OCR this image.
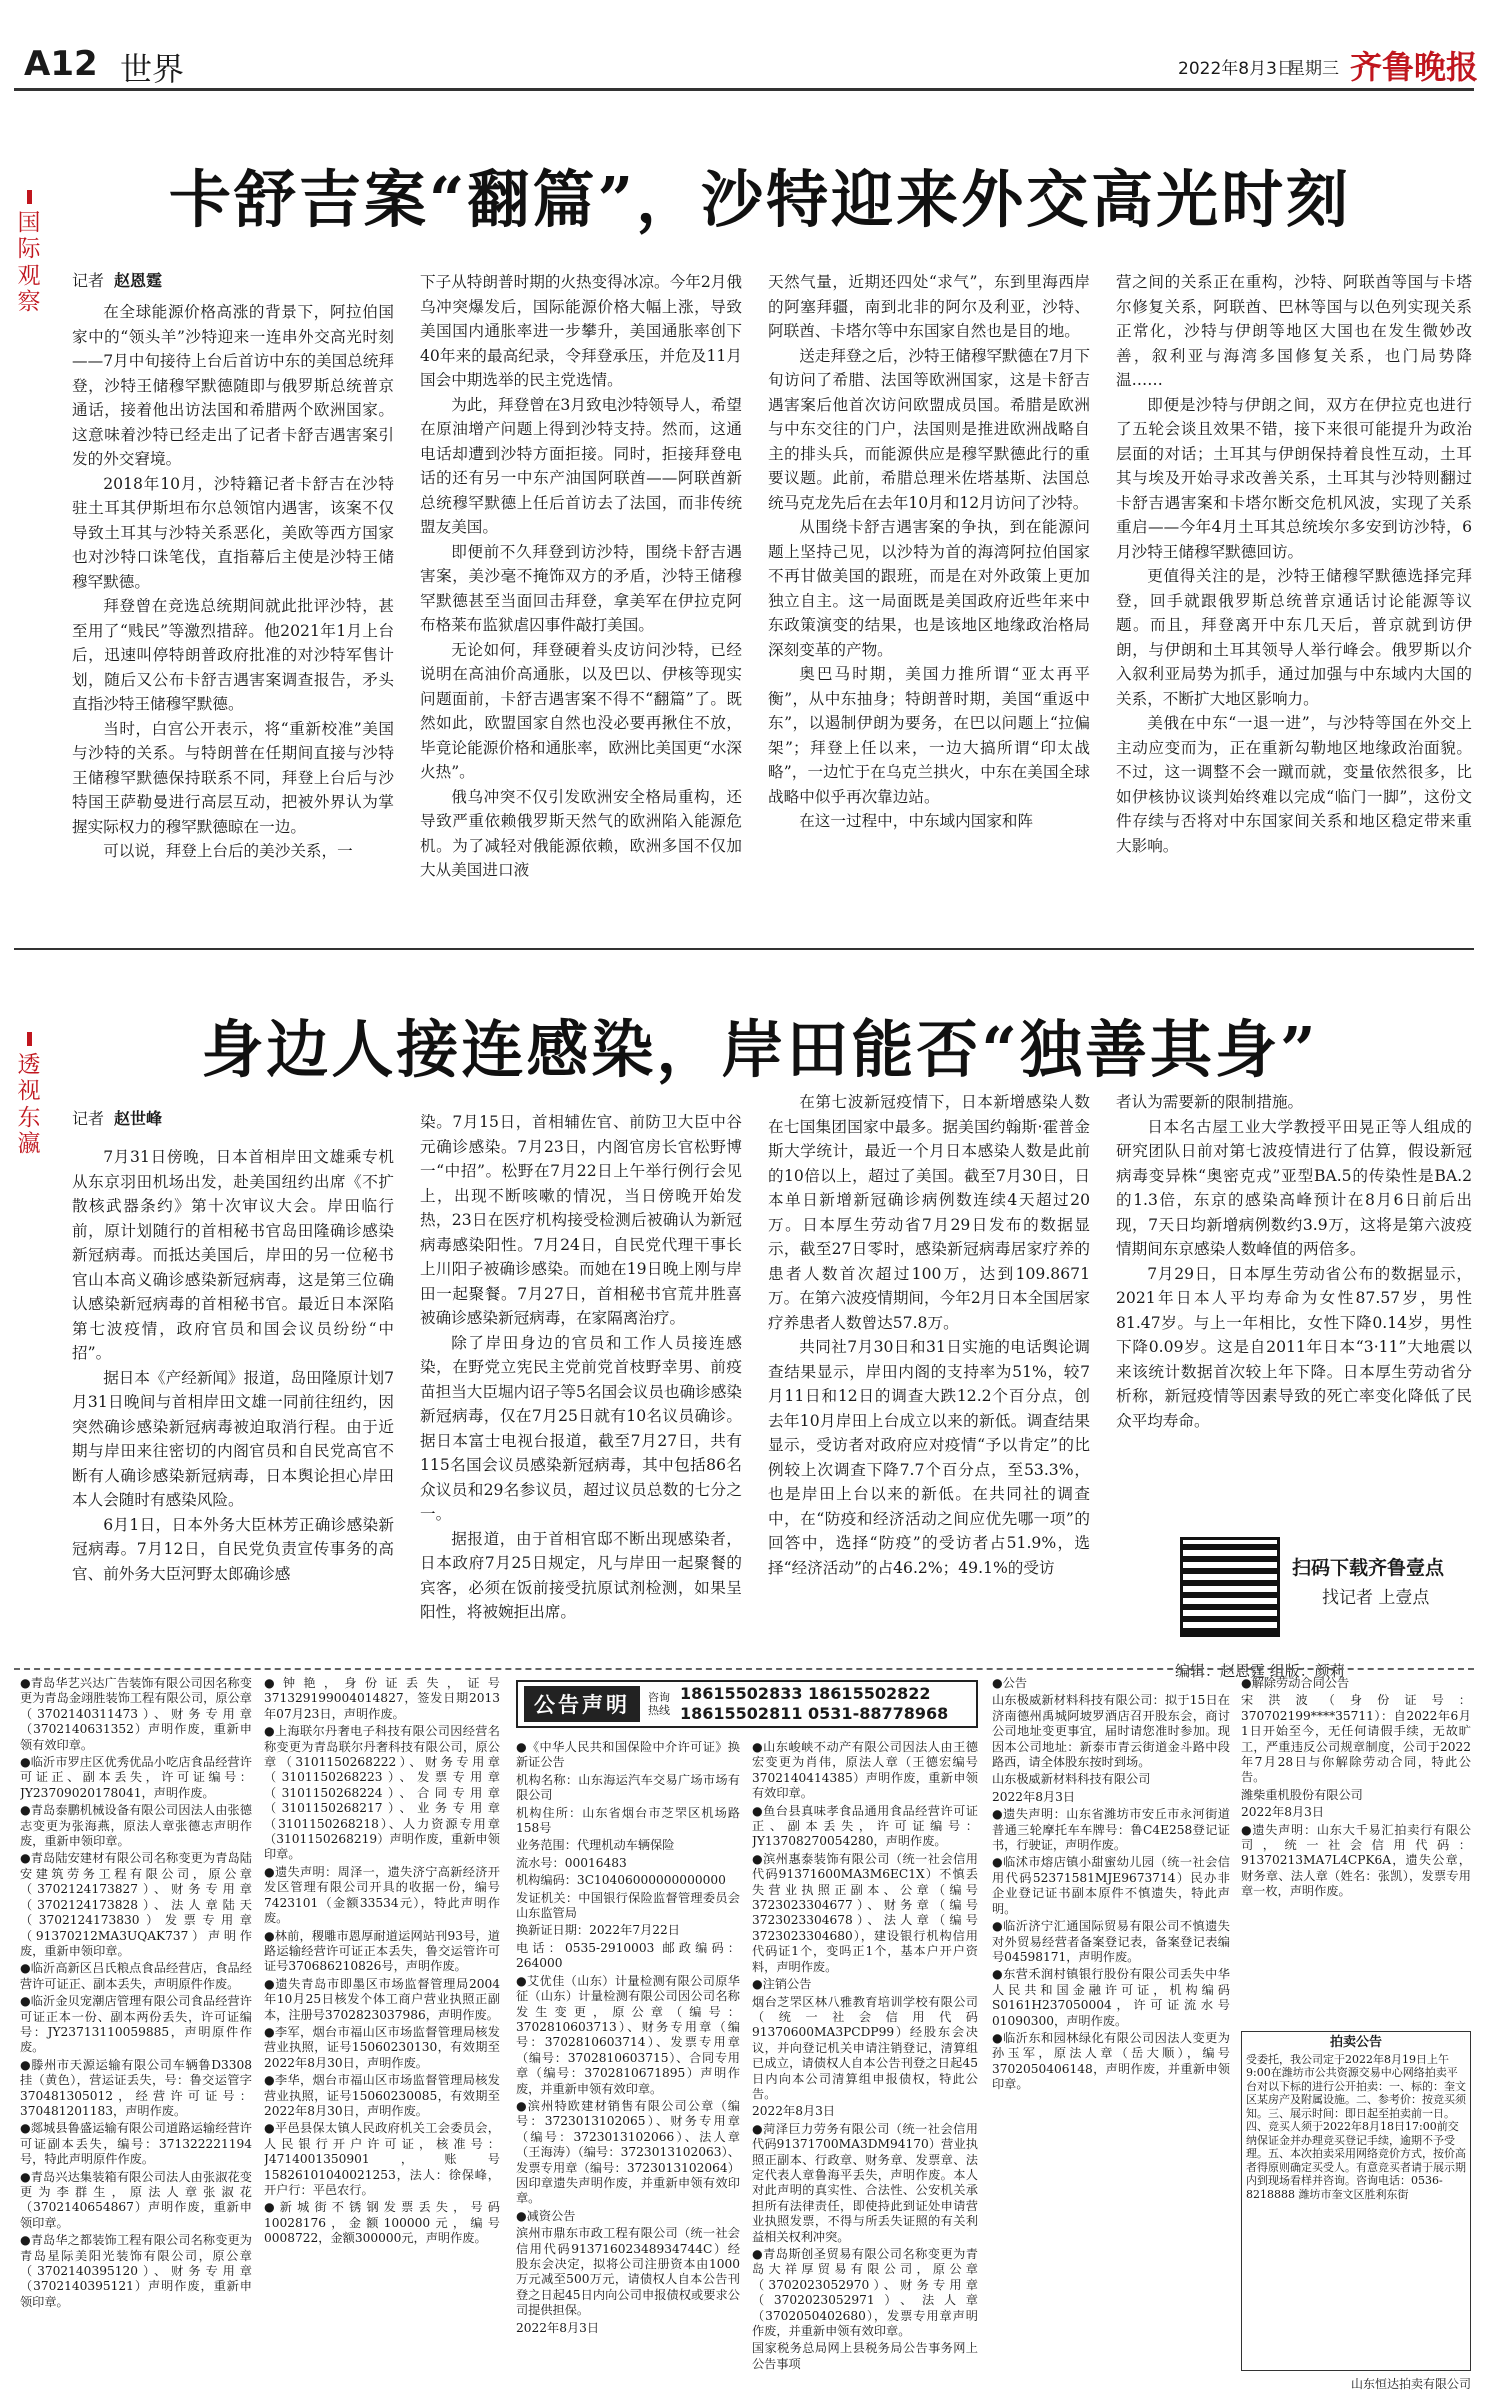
A12 世界	2022年8月3日
星期三 齐鲁晚报
国际观察
卡舒吉案“翻篇”，沙特迎来外交高光时刻
记者 赵恩霆

在全球能源价格高涨的背景下，阿拉伯国家中的“领头羊”沙特迎来一连串外交高光时刻——7月中旬接待上台后首访中东的美国总统拜登，沙特王储穆罕默德随即与俄罗斯总统普京通话，接着他出访法国和希腊两个欧洲国家。这意味着沙特已经走出了记者卡舒吉遇害案引发的外交窘境。

2018年10月，沙特籍记者卡舒吉在沙特驻土耳其伊斯坦布尔总领馆内遇害，该案不仅导致土耳其与沙特关系恶化，美欧等西方国家也对沙特口诛笔伐，直指幕后主使是沙特王储穆罕默德。

拜登曾在竞选总统期间就此批评沙特，甚至用了“贱民”等激烈措辞。他2021年1月上台后，迅速叫停特朗普政府批准的对沙特军售计划，随后又公布卡舒吉遇害案调查报告，矛头直指沙特王储穆罕默德。

当时，白宫公开表示，将“重新校准”美国与沙特的关系。与特朗普在任期间直接与沙特王储穆罕默德保持联系不同，拜登上台后与沙特国王萨勒曼进行高层互动，把被外界认为掌握实际权力的穆罕默德晾在一边。

可以说，拜登上台后的美沙关系，一

下子从特朗普时期的火热变得冰凉。今年2月俄乌冲突爆发后，国际能源价格大幅上涨，导致美国国内通胀率进一步攀升，美国通胀率创下40年来的最高纪录，令拜登承压，并危及11月国会中期选举的民主党选情。

为此，拜登曾在3月致电沙特领导人，希望在原油增产问题上得到沙特支持。然而，这通电话却遭到沙特方面拒接。同时，拒接拜登电话的还有另一中东产油国阿联酋——阿联酋新总统穆罕默德上任后首访去了法国，而非传统盟友美国。

即便前不久拜登到访沙特，围绕卡舒吉遇害案，美沙毫不掩饰双方的矛盾，沙特王储穆罕默德甚至当面回击拜登，拿美军在伊拉克阿布格莱布监狱虐囚事件敲打美国。

无论如何，拜登硬着头皮访问沙特，已经说明在高油价高通胀，以及巴以、伊核等现实问题面前，卡舒吉遇害案不得不“翻篇”了。既然如此，欧盟国家自然也没必要再揪住不放，毕竟论能源价格和通胀率，欧洲比美国更“水深火热”。

俄乌冲突不仅引发欧洲安全格局重构，还导致严重依赖俄罗斯天然气的欧洲陷入能源危机。为了减轻对俄能源依赖，欧洲多国不仅加大从美国进口液

天然气量，近期还四处“求气”，东到里海西岸的阿塞拜疆，南到北非的阿尔及利亚，沙特、阿联酋、卡塔尔等中东国家自然也是目的地。

送走拜登之后，沙特王储穆罕默德在7月下旬访问了希腊、法国等欧洲国家，这是卡舒吉遇害案后他首次访问欧盟成员国。希腊是欧洲与中东交往的门户，法国则是推进欧洲战略自主的排头兵，而能源供应是穆罕默德此行的重要议题。此前，希腊总理米佐塔基斯、法国总统马克龙先后在去年10月和12月访问了沙特。

从围绕卡舒吉遇害案的争执，到在能源问题上坚持己见，以沙特为首的海湾阿拉伯国家不再甘做美国的跟班，而是在对外政策上更加独立自主。这一局面既是美国政府近些年来中东政策演变的结果，也是该地区地缘政治格局深刻变革的产物。

奥巴马时期，美国力推所谓“亚太再平衡”，从中东抽身；特朗普时期，美国“重返中东”，以遏制伊朗为要务，在巴以问题上“拉偏架”；拜登上任以来，一边大搞所谓“印太战略”，一边忙于在乌克兰拱火，中东在美国全球战略中似乎再次靠边站。

在这一过程中，中东域内国家和阵

营之间的关系正在重构，沙特、阿联酋等国与卡塔尔修复关系，阿联酋、巴林等国与以色列实现关系正常化，沙特与伊朗等地区大国也在发生微妙改善，叙利亚与海湾多国修复关系，也门局势降温……

即便是沙特与伊朗之间，双方在伊拉克也进行了五轮会谈且效果不错，接下来很可能提升为政治层面的对话；土耳其与伊朗保持着良性互动，土耳其与埃及开始寻求改善关系，土耳其与沙特则翻过卡舒吉遇害案和卡塔尔断交危机风波，实现了关系重启——今年4月土耳其总统埃尔多安到访沙特，6月沙特王储穆罕默德回访。

更值得关注的是，沙特王储穆罕默德选择完拜登，回手就跟俄罗斯总统普京通话讨论能源等议题。而且，拜登离开中东几天后，普京就到访伊朗，与伊朗和土耳其领导人举行峰会。俄罗斯以介入叙利亚局势为抓手，通过加强与中东域内大国的关系，不断扩大地区影响力。

美俄在中东“一退一进”，与沙特等国在外交上主动应变而为，正在重新勾勒地区地缘政治面貌。不过，这一调整不会一蹴而就，变量依然很多，比如伊核协议谈判始终难以完成“临门一脚”，这份文件存续与否将对中东国家间关系和地区稳定带来重大影响。

透视东瀛
身边人接连感染，岸田能否“独善其身”
记者 赵世峰

7月31日傍晚，日本首相岸田文雄乘专机从东京羽田机场出发，赴美国纽约出席《不扩散核武器条约》第十次审议大会。岸田临行前，原计划随行的首相秘书官岛田隆确诊感染新冠病毒。而抵达美国后，岸田的另一位秘书官山本高义确诊感染新冠病毒，这是第三位确认感染新冠病毒的首相秘书官。最近日本深陷第七波疫情，政府官员和国会议员纷纷“中招”。

据日本《产经新闻》报道，岛田隆原计划7月31日晚间与首相岸田文雄一同前往纽约，因突然确诊感染新冠病毒被迫取消行程。由于近期与岸田来往密切的内阁官员和自民党高官不断有人确诊感染新冠病毒，日本舆论担心岸田本人会随时有感染风险。

6月1日，日本外务大臣林芳正确诊感染新冠病毒。7月12日，自民党负责宣传事务的高官、前外务大臣河野太郎确诊感

染。7月15日，首相辅佐官、前防卫大臣中谷元确诊感染。7月23日，内阁官房长官松野博一“中招”。松野在7月22日上午举行例行会见上，出现不断咳嗽的情况，当日傍晚开始发热，23日在医疗机构接受检测后被确认为新冠病毒感染阳性。7月24日，自民党代理干事长上川阳子被确诊感染。而她在19日晚上刚与岸田一起聚餐。7月27日，首相秘书官荒井胜喜被确诊感染新冠病毒，在家隔离治疗。

除了岸田身边的官员和工作人员接连感染，在野党立宪民主党前党首枝野幸男、前疫苗担当大臣堀内诏子等5名国会议员也确诊感染新冠病毒，仅在7月25日就有10名议员确诊。据日本富士电视台报道，截至7月27日，共有115名国会议员感染新冠病毒，其中包括86名众议员和29名参议员，超过议员总数的七分之一。

据报道，由于首相官邸不断出现感染者，日本政府7月25日规定，凡与岸田一起聚餐的宾客，必须在饭前接受抗原试剂检测，如果呈阳性，将被婉拒出席。

在第七波新冠疫情下，日本新增感染人数在七国集团国家中最多。据美国约翰斯·霍普金斯大学统计，最近一个月日本感染人数是此前的10倍以上，超过了美国。截至7月30日，日本单日新增新冠确诊病例数连续4天超过20万。日本厚生劳动省7月29日发布的数据显示，截至27日零时，感染新冠病毒居家疗养的患者人数首次超过100万，达到109.8671万。在第六波疫情期间，今年2月日本全国居家疗养患者人数曾达57.8万。

共同社7月30日和31日实施的电话舆论调查结果显示，岸田内阁的支持率为51%，较7月11日和12日的调查大跌12.2个百分点，创去年10月岸田上台成立以来的新低。调查结果显示，受访者对政府应对疫情“予以肯定”的比例较上次调查下降7.7个百分点，至53.3%，也是岸田上台以来的新低。在共同社的调查中，在“防疫和经济活动之间应优先哪一项”的回答中，选择“防疫”的受访者占51.9%，选择“经济活动”的占46.2%；49.1%的受访

者认为需要新的限制措施。

日本名古屋工业大学教授平田晃正等人组成的研究团队日前对第七波疫情进行了估算，假设新冠病毒变异株“奥密克戎”亚型BA.5的传染性是BA.2的1.3倍，东京的感染高峰预计在8月6日前后出现，7天日均新增病例数约3.9万，这将是第六波疫情期间东京感染人数峰值的两倍多。

7月29日，日本厚生劳动省公布的数据显示，2021年日本人平均寿命为女性87.57岁，男性81.47岁。与上一年相比，女性下降0.14岁，男性下降0.09岁。这是自2011年日本“3·11”大地震以来该统计数据首次较上年下降。日本厚生劳动省分析称，新冠疫情等因素导致的死亡率变化降低了民众平均寿命。

扫码下载齐鲁壹点
找记者 上壹点
编辑：赵恩霆 组版：颜莉
公告声明	咨询热线
18615502833 18615502822
18615502811 0531-88778968
●青岛华艺兴达广告装饰有限公司因名称变更为青岛金翊胜装饰工程有限公司，原公章（3702140311473）、财务专用章（3702140631352）声明作废，重新申领有效印章。
●临沂市罗庄区优秀优品小吃店食品经营许可证正、副本丢失，许可证编号：JY23709020178041，声明作废。
●青岛泰鹏机械设备有限公司因法人由张德志变更为张海燕，原法人章张德志声明作废，重新申领印章。
●青岛陆安建材有限公司名称变更为青岛陆安建筑劳务工程有限公司，原公章（3702124173827）、财务专用章（3702124173828）、法人章陆天（3702124173830）发票专用章（91370212MA3UQAK737）声明作废，重新申领印章。
●临沂高新区吕氏粮点食品经营店，食品经营许可证正、副本丢失，声明原件作废。
●临沂金贝宠潮店管理有限公司食品经营许可证正本一份、副本两份丢失，许可证编号：JY23713110059885，声明原件作废。
●滕州市天源运输有限公司车辆鲁D3308挂（黄色），营运证丢失，号：鲁交运管字370481305012，经营许可证号：370481201183，声明作废。
●郯城县鲁盛运输有限公司道路运输经营许可证副本丢失，编号：371322221194号，特此声明原件作废。
●青岛兴达集装箱有限公司法人由张淑花变更为李群生，原法人章张淑花（3702140654867）声明作废，重新申领印章。
●青岛华之都装饰工程有限公司名称变更为青岛星际美阳光装饰有限公司，原公章（3702140395120）、财务专用章（3702140395121）声明作废，重新申领印章。
●钟艳，身份证丢失，证号371329199004014827，签发日期2013年07月23日，声明作废。
●上海联尔丹奢电子科技有限公司因经营名称变更为青岛联尔丹奢科技有限公司，原公章（3101150268222）、财务专用章（3101150268223）、发票专用章（3101150268224）、合同专用章（3101150268217）、业务专用章（3101150268218）、人力资源专用章（3101150268219）声明作废，重新申领印章。
●遗失声明：周泽一，遗失济宁高新经济开发区管理有限公司开具的收据一份，编号7423101（金额33534元），特此声明作废。
●林前，稷雕市恩厚耐道运网站刊93号，道路运输经营许可证正本丢失，鲁交运管许可证号370686210826号，声明作废。
●遗失青岛市即墨区市场监督管理局2004年10月25日核发个体工商户营业执照正副本，注册号3702823037986，声明作废。
●李军，烟台市福山区市场监督管理局核发营业执照，证号15060230130，有效期至2022年8月30日，声明作废。
●李华，烟台市福山区市场监督管理局核发营业执照，证号15060230085，有效期至2022年8月30日，声明作废。
●平邑县保太镇人民政府机关工会委员会，人民银行开户许可证，核准号：J4714001350901，账号15826101040021253，法人：徐保峰，开户行：平邑农行。
●新城街不锈钢发票丢失，号码10028176，金额100000元，编号0008722，金额300000元，声明作废。
●《中华人民共和国保险中介许可证》换新证公告
机构名称：山东海运汽车交易广场市场有限公司
机构住所：山东省烟台市芝罘区机场路158号
业务范围：代理机动车辆保险
流水号：00016483
机构编码：3C10406000000000000
发证机关：中国银行保险监督管理委员会山东监管局
换新证日期：2022年7月22日
电话：0535-2910003 邮政编码：264000
●艾优佳（山东）计量检测有限公司原华征（山东）计量检测有限公司因公司名称发生变更，原公章（编号：3702810603713）、财务专用章（编号：3702810603714）、发票专用章（编号：3702810603715）、合同专用章（编号：3702810671895）声明作废，并重新申领有效印章。
●滨州特欧建材销售有限公司公章（编号：3723013102065）、财务专用章（编号：3723013102066）、法人章（王海涛）（编号：3723013102063）、发票专用章（编号：3723013102064）因印章遗失声明作废，并重新申领有效印章。
●减资公告
滨州市鼎东市政工程有限公司（统一社会信用代码91371602348934744C）经股东会决定，拟将公司注册资本由1000万元减至500万元，请债权人自本公告刊登之日起45日内向公司申报债权或要求公司提供担保。
2022年8月3日
●山东峻峡不动产有限公司因法人由王德宏变更为肖伟，原法人章（王德宏编号3702140414385）声明作废，重新申领有效印章。
●鱼台县真味孝食品通用食品经营许可证正、副本丢失，许可证编号：JY13708270054280，声明作废。
●滨州惠泰装饰有限公司（统一社会信用代码91371600MA3M6EC1X）不慎丢失营业执照正副本、公章（编号3723023304677）、财务章（编号3723023304678）、法人章（编号3723023304680），建设银行机构信用代码证1个，变吗正1个，基本户开户资料，声明作废。
●注销公告
烟台芝罘区林八雅教育培训学校有限公司（统一社会信用代码91370600MA3PCDP99）经股东会决议，并向登记机关申请注销登记，清算组已成立，请债权人自本公告刊登之日起45日内向本公司清算组申报债权，特此公告。
2022年8月3日
●菏泽巨力劳务有限公司（统一社会信用代码91371700MA3DM94170）营业执照正副本、行政章、财务章、发票章、法定代表人章鲁海平丢失，声明作废。本人对此声明的真实性、合法性、公安机关承担所有法律责任，即使持此到证处申请营业执照发票，不得与所丢失证照的有关利益相关权利冲突。
●青岛斯创圣贸易有限公司名称变更为青岛大祥厚贸易有限公司，原公章（3702023052970）、财务专用章（3702023052971）、法人章（3702050402680），发票专用章声明作废，并重新申领有效印章。
国家税务总局网上县税务局公告事务网上公告事项
●公告
山东极威新材料科技有限公司：拟于15日在济南德州禹城阿坡罗酒店召开股东会，商讨公司地址变更事宜，届时请您准时参加。现因本公司地址：新泰市青云街道金斗路中段路西，请全体股东按时到场。
山东极威新材料科技有限公司
2022年8月3日
●遗失声明：山东省潍坊市安丘市永河街道普通三轮摩托车车牌号：鲁C4E258登记证书，行驶证，声明作废。
●临沭市熔店镇小甜蜜幼儿园（统一社会信用代码52371581MJE9673714）民办非企业登记证书副本原件不慎遗失，特此声明。
●临沂济宁汇通国际贸易有限公司不慎遗失对外贸易经营者备案登记表，备案登记表编号04598171，声明作废。
●东营禾润村镇银行股份有限公司丢失中华人民共和国金融许可证，机构编码S0161H237050004，许可证流水号01090300，声明作废。
●临沂东和园林绿化有限公司因法人变更为孙玉军，原法人章（岳大顺），编号3702050406148，声明作废，并重新申领印章。
●解除劳动合同公告
宋洪波（身份证号：370702199****35711）：自2022年6月1日开始至今，无任何请假手续，无故旷工，严重违反公司规章制度，公司于2022年7月28日与你解除劳动合同，特此公告。
潍柴重机股份有限公司
2022年8月3日
●遗失声明：山东大千易汇拍卖行有限公司，统一社会信用代码：91370213MA7L4CPK6A，遗失公章，财务章、法人章（姓名：张凯），发票专用章一枚，声明作废。
拍卖公告
受委托，我公司定于2022年8月19日上午9:00在潍坊市公共资源交易中心网络拍卖平台对以下标的进行公开拍卖：一、标的：奎文区某房产及附属设施。二、参考价：按竞买须知。三、展示时间：即日起至拍卖前一日。四、竞买人须于2022年8月18日17:00前交纳保证金并办理竞买登记手续，逾期不予受理。五、本次拍卖采用网络竞价方式，按价高者得原则确定买受人。有意竞买者请于展示期内到现场看样并咨询。咨询电话：0536-8218888 潍坊市奎文区胜利东街
山东恒达拍卖有限公司
